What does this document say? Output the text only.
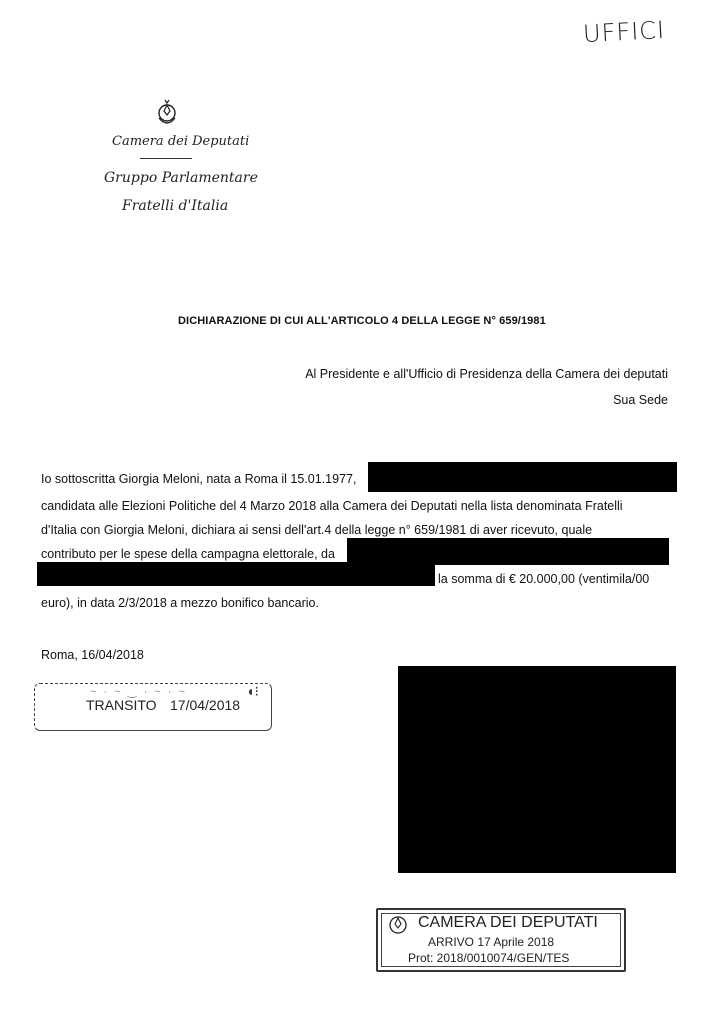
UFFICI
Camera dei Deputati
Gruppo Parlamentare
Fratelli d'Italia
DICHIARAZIONE DI CUI ALL'ARTICOLO 4 DELLA LEGGE N° 659/1981
Al Presidente e all'Ufficio di Presidenza della Camera dei deputati
Sua Sede
Io sottoscritta Giorgia Meloni, nata a Roma il 15.01.1977,
candidata alle Elezioni Politiche del 4 Marzo 2018 alla Camera dei Deputati nella lista denominata Fratelli
d'Italia con Giorgia Meloni, dichiara ai sensi dell'art.4 della legge n° 659/1981 di aver ricevuto, quale
contributo per le spese della campagna elettorale, da
la somma di € 20.000,00 (ventimila/00
euro), in data 2/3/2018 a mezzo bonifico bancario.
Roma, 16/04/2018
~ · ~ ‿ · ~ · ~
TRANSITO 17/04/2018
◖⁝
CAMERA DEI DEPUTATI
ARRIVO 17 Aprile 2018
Prot: 2018/0010074/GEN/TES
